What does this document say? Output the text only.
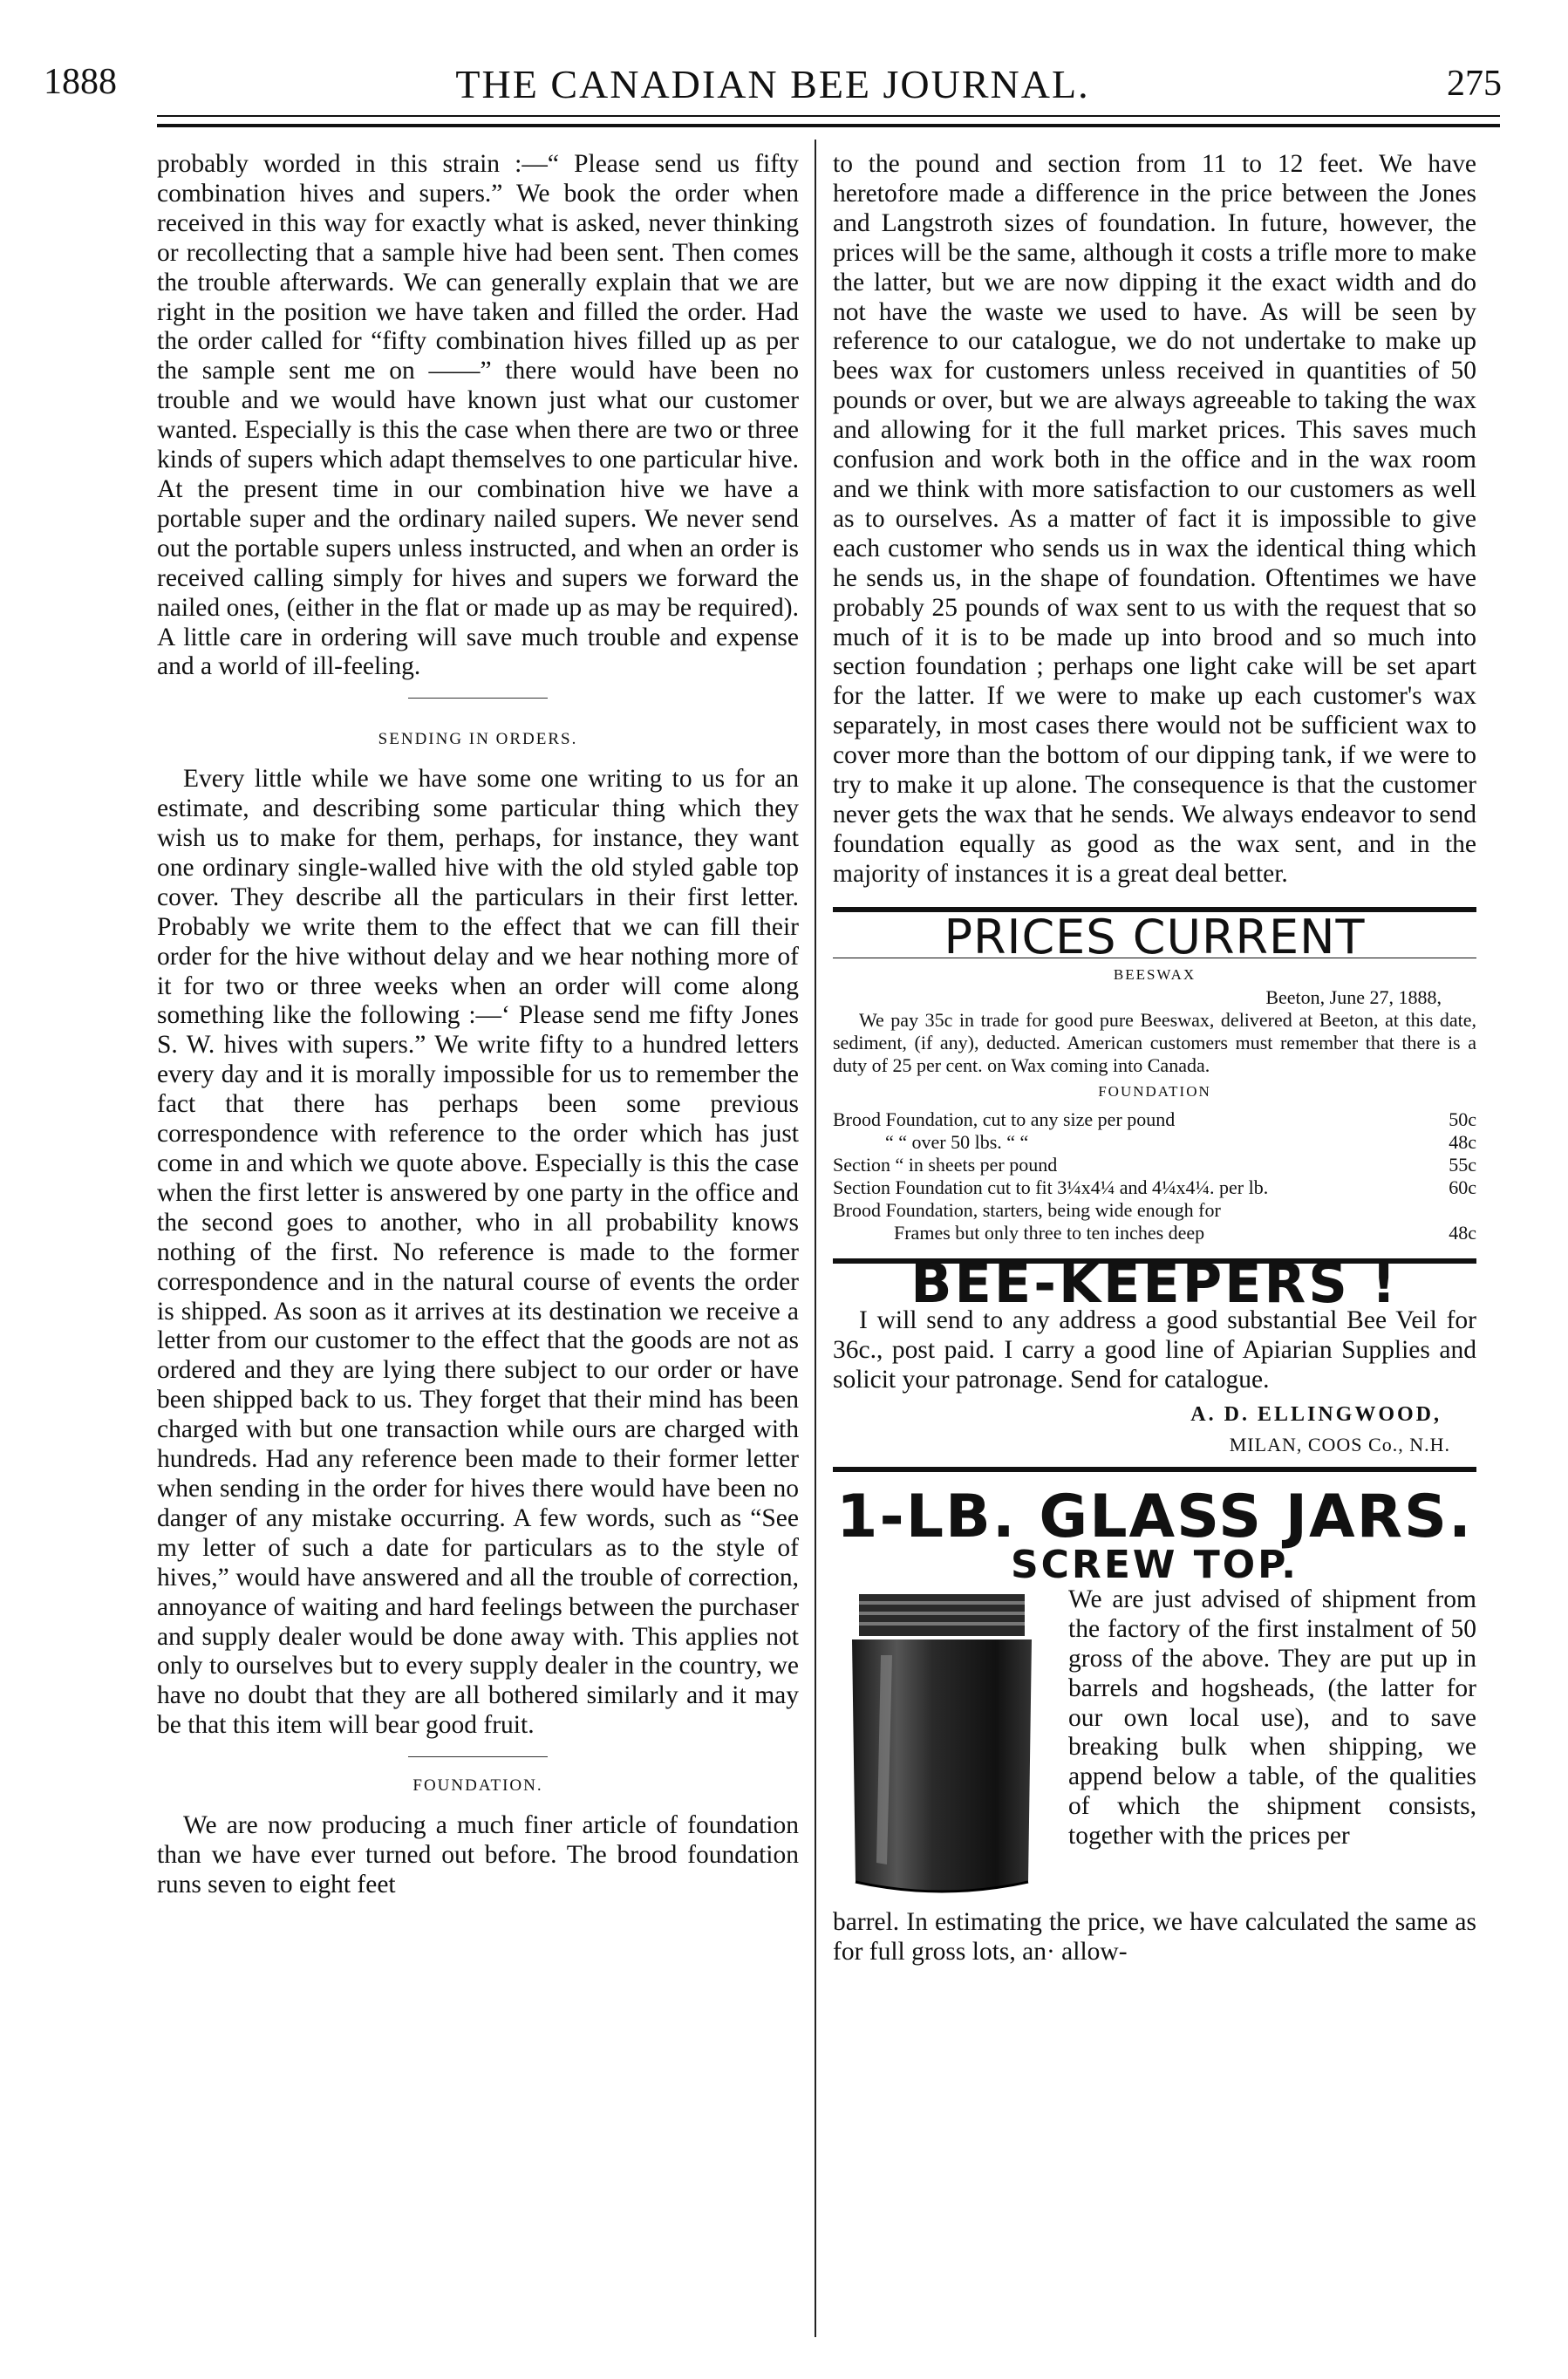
1888	THE CANADIAN BEE JOURNAL.	275

probably worded in this strain :—“ Please send us fifty combination hives and supers.” We book the order when received in this way for exactly what is asked, never thinking or recollecting that a sample hive had been sent. Then comes the trouble afterwards. We can generally explain that we are right in the position we have taken and filled the order. Had the order called for “fifty combination hives filled up as per the sample sent me on ——” there would have been no trouble and we would have known just what our customer wanted. Especially is this the case when there are two or three kinds of supers which adapt themselves to one particular hive. At the present time in our combination hive we have a portable super and the ordinary nailed supers. We never send out the portable supers unless instructed, and when an order is received calling simply for hives and supers we forward the nailed ones, (either in the flat or made up as may be required). A little care in ordering will save much trouble and expense and a world of ill-feeling.

SENDING IN ORDERS.

Every little while we have some one writing to us for an estimate, and describing some particular thing which they wish us to make for them, perhaps, for instance, they want one ordinary single-walled hive with the old styled gable top cover. They describe all the particulars in their first letter. Probably we write them to the effect that we can fill their order for the hive without delay and we hear nothing more of it for two or three weeks when an order will come along something like the following :—‘ Please send me fifty Jones S. W. hives with supers.” We write fifty to a hundred letters every day and it is morally impossible for us to remember the fact that there has perhaps been some previous correspondence with reference to the order which has just come in and which we quote above. Especially is this the case when the first letter is answered by one party in the office and the second goes to another, who in all probability knows nothing of the first. No reference is made to the former correspondence and in the natural course of events the order is shipped. As soon as it arrives at its destination we receive a letter from our customer to the effect that the goods are not as ordered and they are lying there subject to our order or have been shipped back to us. They forget that their mind has been charged with but one transaction while ours are charged with hundreds. Had any reference been made to their former letter when sending in the order for hives there would have been no danger of any mistake occurring. A few words, such as “See my letter of such a date for particulars as to the style of hives,” would have answered and all the trouble of correction, annoyance of waiting and hard feelings between the purchaser and supply dealer would be done away with. This applies not only to ourselves but to every supply dealer in the country, we have no doubt that they are all bothered similarly and it may be that this item will bear good fruit.

FOUNDATION.

We are now producing a much finer article of foundation than we have ever turned out before. The brood foundation runs seven to eight feet

to the pound and section from 11 to 12 feet. We have heretofore made a difference in the price between the Jones and Langstroth sizes of foundation. In future, however, the prices will be the same, although it costs a trifle more to make the latter, but we are now dipping it the exact width and do not have the waste we used to have. As will be seen by reference to our catalogue, we do not undertake to make up bees wax for customers unless received in quantities of 50 pounds or over, but we are always agreeable to taking the wax and allowing for it the full market prices. This saves much confusion and work both in the office and in the wax room and we think with more satisfaction to our customers as well as to ourselves. As a matter of fact it is impossible to give each customer who sends us in wax the identical thing which he sends us, in the shape of foundation. Oftentimes we have probably 25 pounds of wax sent to us with the request that so much of it is to be made up into brood and so much into section foundation ; perhaps one light cake will be set apart for the latter. If we were to make up each customer's wax separately, in most cases there would not be sufficient wax to cover more than the bottom of our dipping tank, if we were to try to make it up alone. The consequence is that the customer never gets the wax that he sends. We always endeavor to send foundation equally as good as the wax sent, and in the majority of instances it is a great deal better.

PRICES CURRENT
BEESWAX
Beeton, June 27, 1888,

We pay 35c in trade for good pure Beeswax, delivered at Beeton, at this date, sediment, (if any), deducted. American customers must remember that there is a duty of 25 per cent. on Wax coming into Canada.

FOUNDATION
Brood Foundation, cut to any size per pound	50c
“ “ over 50 lbs. “ “	48c
Section “ in sheets per pound	55c
Section Foundation cut to fit 3¼x4¼ and 4¼x4¼. per lb.	60c
Brood Foundation, starters, being wide enough for
Frames but only three to ten inches deep	48c
BEE-KEEPERS !

I will send to any address a good substantial Bee Veil for 36c., post paid. I carry a good line of Apiarian Supplies and solicit your patronage. Send for catalogue.

A. D. ELLINGWOOD,
MILAN, COOS Co., N.H.
1-LB. GLASS JARS.
SCREW TOP.
We are just advised of shipment from the factory of the first instalment of 50 gross of the above. They are put up in barrels and hogsheads, (the latter for our own local use), and to save breaking bulk when shipping, we append below a table, of the qualities of which the shipment consists, together with the prices per

barrel. In estimating the price, we have calculated the same as for full gross lots, an· allow-
